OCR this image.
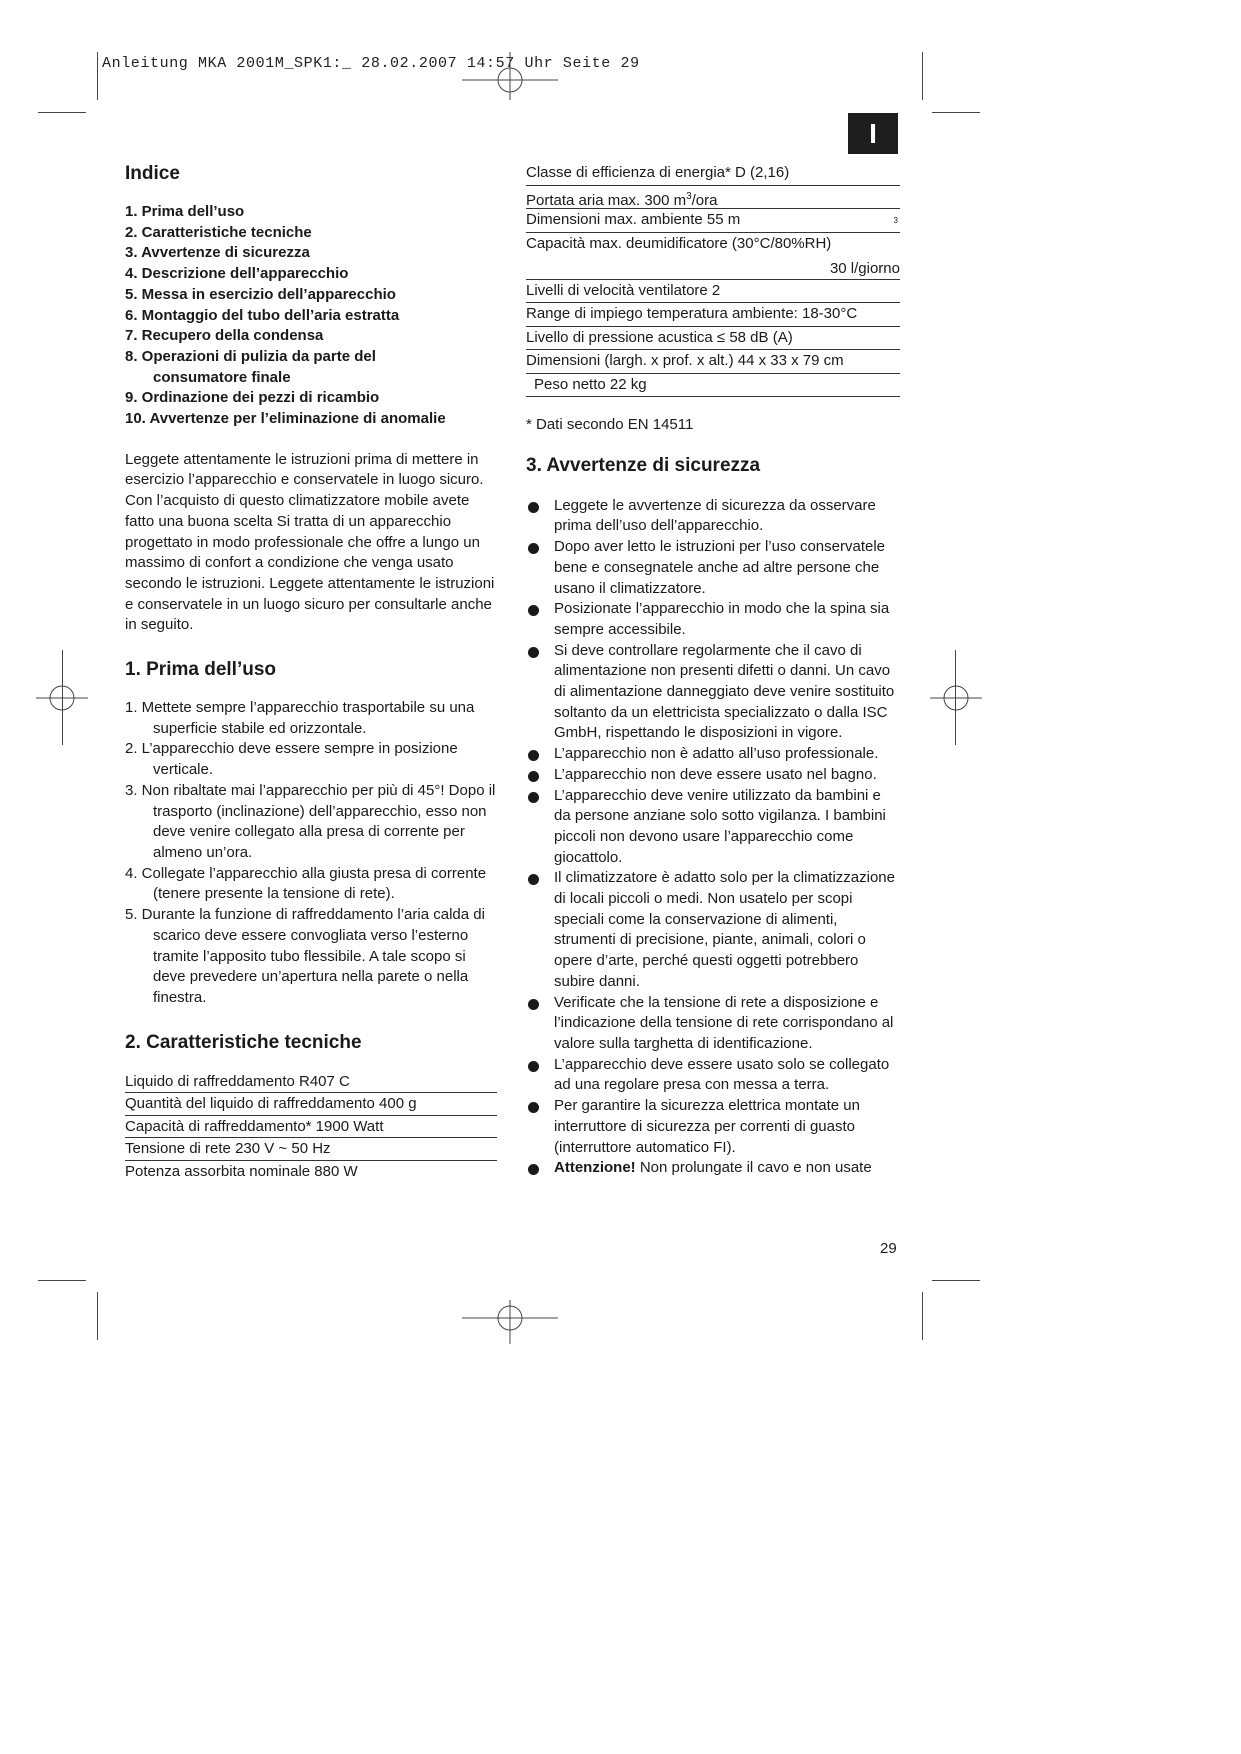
Anleitung MKA 2001M_SPK1:_ 28.02.2007 14:57 Uhr Seite 29
I
Indice
1. Prima dell’uso
2. Caratteristiche tecniche
3. Avvertenze di sicurezza
4. Descrizione dell’apparecchio
5. Messa in esercizio dell’apparecchio
6. Montaggio del tubo dell’aria estratta
7. Recupero della condensa
8. Operazioni di pulizia da parte del
consumatore finale
9. Ordinazione dei pezzi di ricambio
10. Avvertenze per l’eliminazione di anomalie

Leggete attentamente le istruzioni prima di mettere in esercizio l’apparecchio e conservatele in luogo sicuro.

Con l’acquisto di questo climatizzatore mobile avete fatto una buona scelta Si tratta di un apparecchio progettato in modo professionale che offre a lungo un massimo di confort a condizione che venga usato secondo le istruzioni. Leggete attentamente le istruzioni e conservatele in un luogo sicuro per consultarle anche in seguito.

1. Prima dell’uso
1. Mettete sempre l’apparecchio trasportabile su una superficie stabile ed orizzontale.
2. L’apparecchio deve essere sempre in posizione verticale.
3. Non ribaltate mai l’apparecchio per più di 45°! Dopo il trasporto (inclinazione) dell’apparecchio, esso non deve venire collegato alla presa di corrente per almeno un’ora.
4. Collegate l’apparecchio alla giusta presa di corrente (tenere presente la tensione di rete).
5. Durante la funzione di raffreddamento l’aria calda di scarico deve essere convogliata verso l’esterno tramite l’apposito tubo flessibile. A tale scopo si deve prevedere un’apertura nella parete o nella finestra.
2. Caratteristiche tecniche
Liquido di raffreddamento R407 C
Quantità del liquido di raffreddamento 400 g
Capacità di raffreddamento* 1900 Watt
Tensione di rete 230 V ~ 50 Hz
Potenza assorbita nominale 880 W
Classe di efficienza di energia* D (2,16)
Portata aria max. 300 $m^3$/ora
Dimensioni max. ambiente 55 m	3
Capacità max. deumidificatore (30°C/80%RH)
30 l/giorno
Livelli di velocità ventilatore 2
Range di impiego temperatura ambiente: 18-30°C
Livello di pressione acustica ≤ 58 dB (A)
Dimensioni (largh. x prof. x alt.) 44 x 33 x 79 cm
Peso netto 22 kg

* Dati secondo EN 14511

3. Avvertenze di sicurezza
Leggete le avvertenze di sicurezza da osservare prima dell’uso dell’apparecchio.
Dopo aver letto le istruzioni per l’uso conservatele bene e consegnatele anche ad altre persone che usano il climatizzatore.
Posizionate l’apparecchio in modo che la spina sia sempre accessibile.
Si deve controllare regolarmente che il cavo di alimentazione non presenti difetti o danni. Un cavo di alimentazione danneggiato deve venire sostituito soltanto da un elettricista specializzato o dalla ISC GmbH, rispettando le disposizioni in vigore.
L’apparecchio non è adatto all’uso professionale.
L’apparecchio non deve essere usato nel bagno.
L’apparecchio deve venire utilizzato da bambini e da persone anziane solo sotto vigilanza. I bambini piccoli non devono usare l’apparecchio come giocattolo.
Il climatizzatore è adatto solo per la climatizzazione di locali piccoli o medi. Non usatelo per scopi speciali come la conservazione di alimenti, strumenti di precisione, piante, animali, colori o opere d’arte, perché questi oggetti potrebbero subire danni.
Verificate che la tensione di rete a disposizione e l’indicazione della tensione di rete corrispondano al valore sulla targhetta di identificazione.
L’apparecchio deve essere usato solo se collegato ad una regolare presa con messa a terra.
Per garantire la sicurezza elettrica montate un interruttore di sicurezza per correnti di guasto (interruttore automatico FI).
Attenzione! Non prolungate il cavo e non usate
29
